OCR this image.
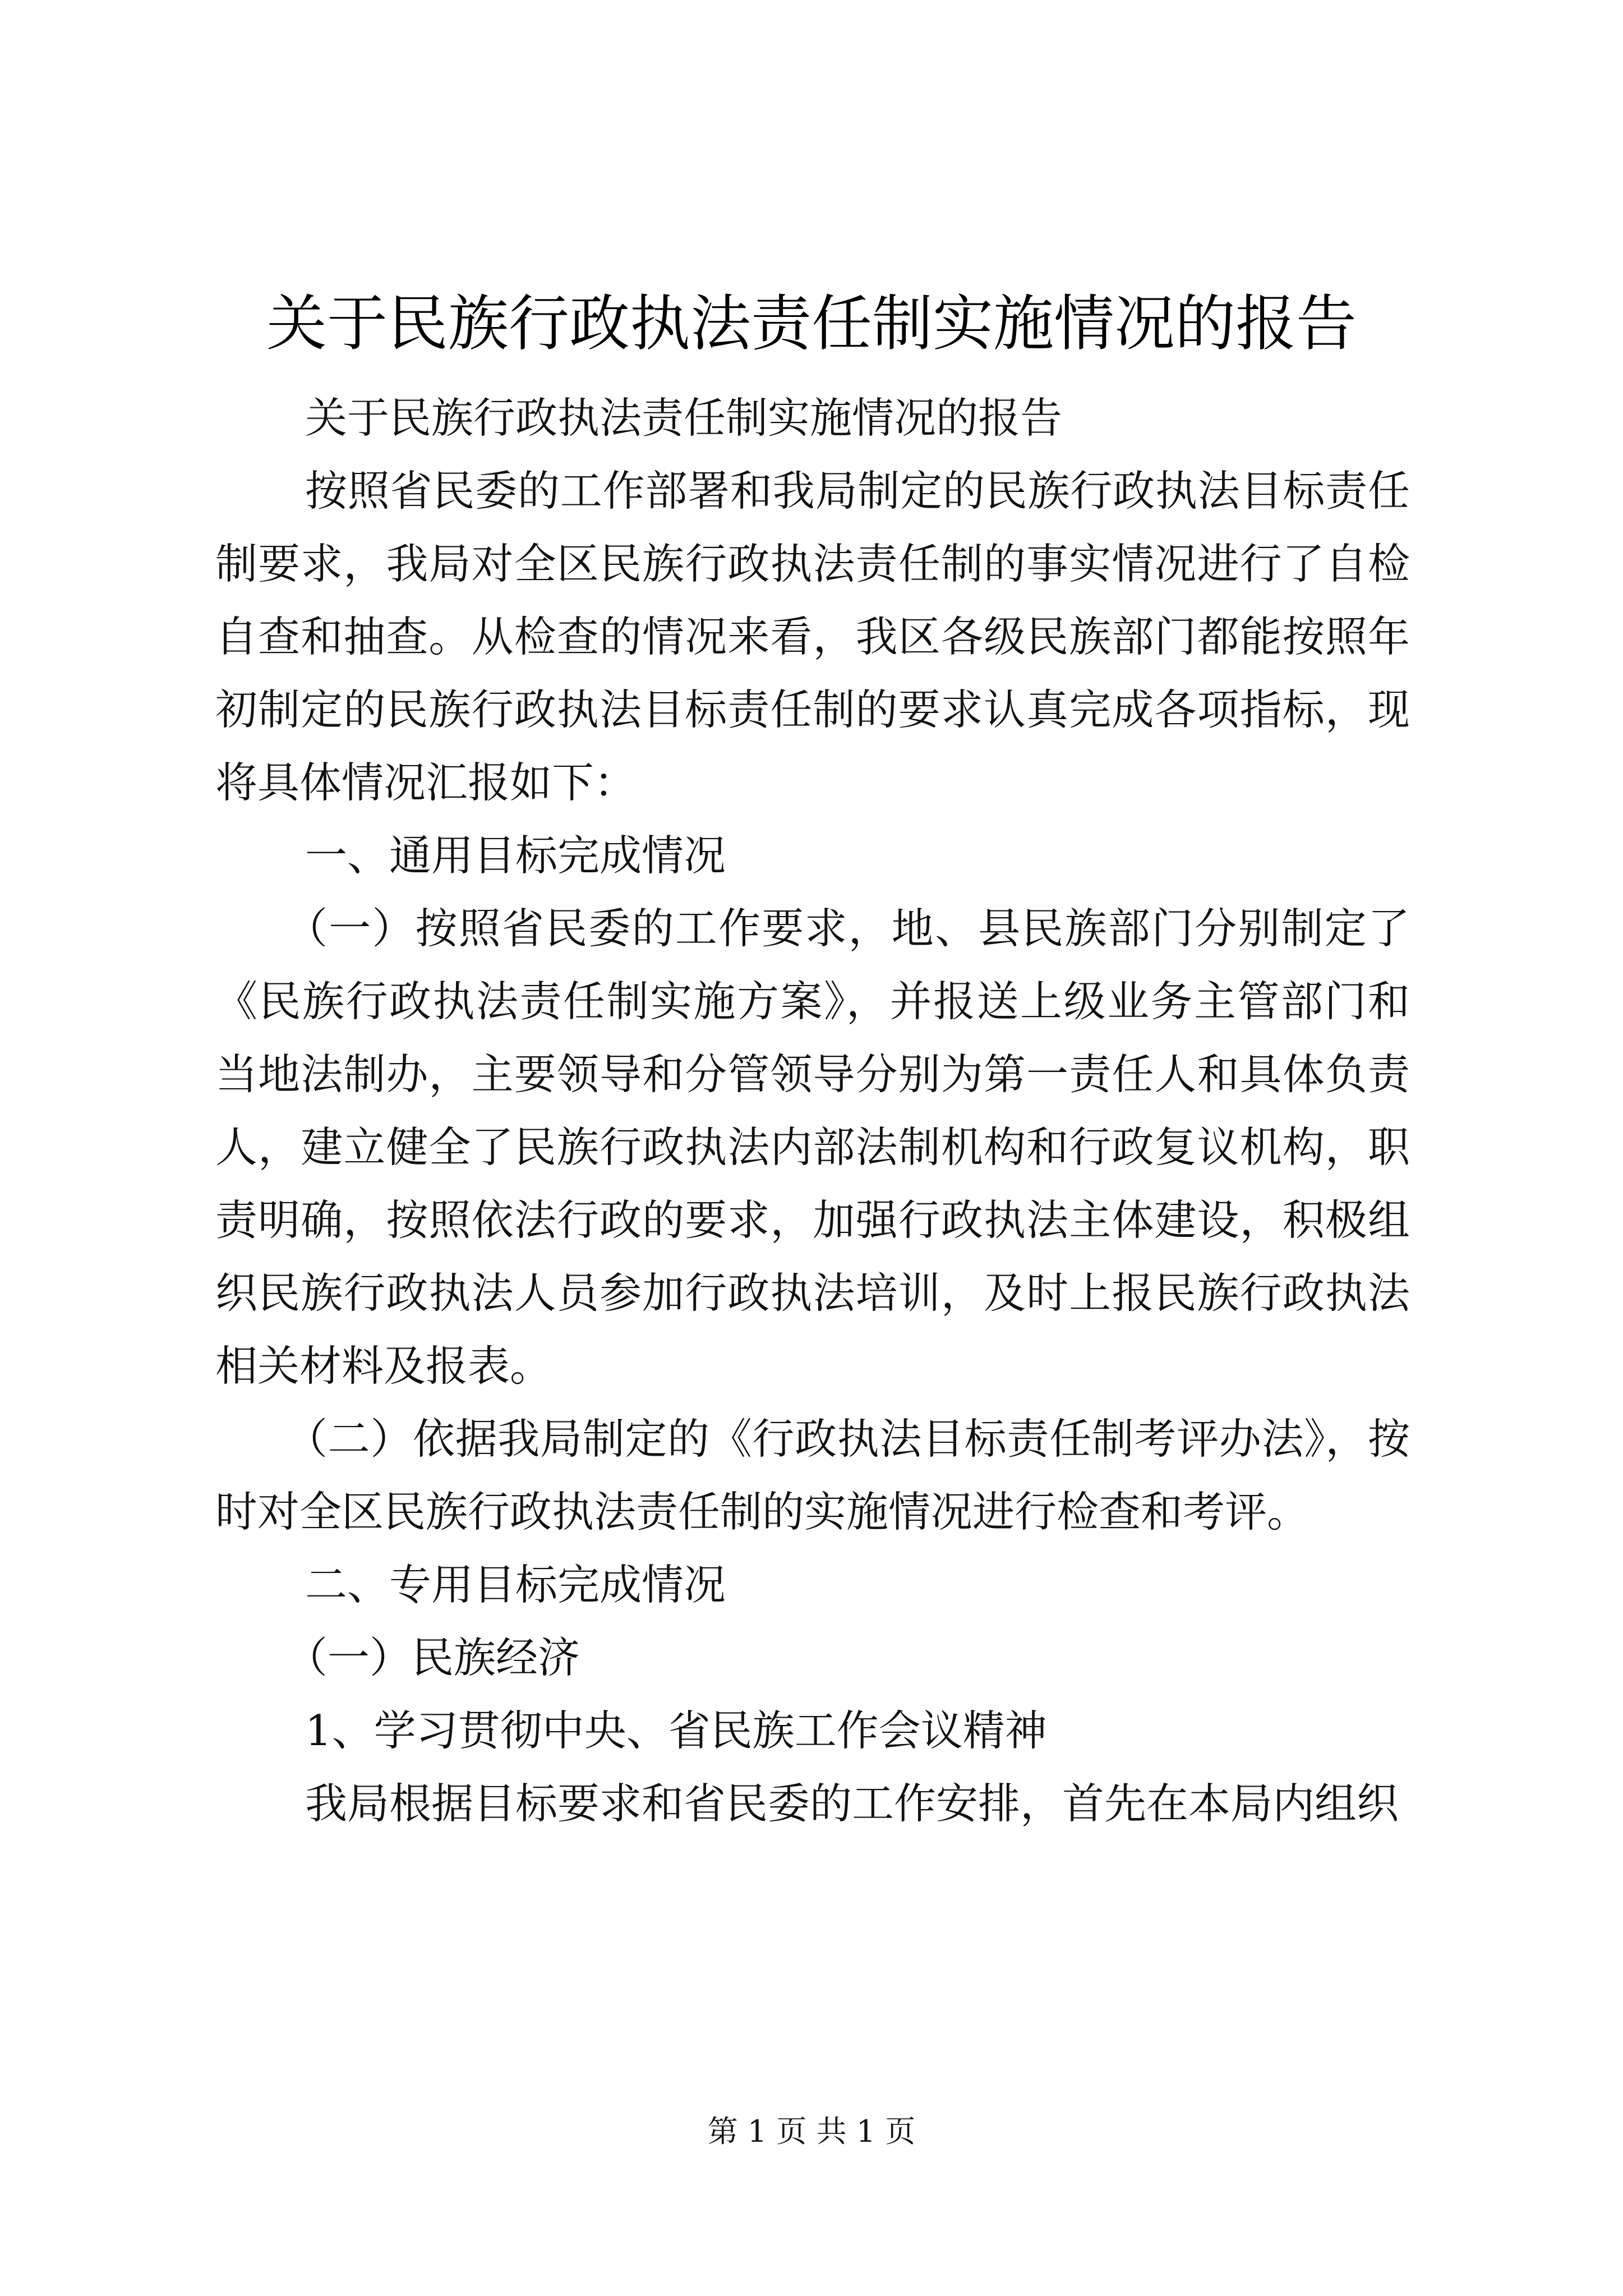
关于民族行政执法责任制实施情况的报告

关于民族行政执法责任制实施情况的报告

按照省民委的工作部署和我局制定的民族行政执法目标责任制要求，我局对全区民族行政执法责任制的事实情况进行了自检自查和抽查。从检查的情况来看，我区各级民族部门都能按照年初制定的民族行政执法目标责任制的要求认真完成各项指标，现将具体情况汇报如下：

一、通用目标完成情况

（一）按照省民委的工作要求，地、县民族部门分别制定了《民族行政执法责任制实施方案》，并报送上级业务主管部门和当地法制办，主要领导和分管领导分别为第一责任人和具体负责人，建立健全了民族行政执法内部法制机构和行政复议机构，职责明确，按照依法行政的要求，加强行政执法主体建设，积极组织民族行政执法人员参加行政执法培训，及时上报民族行政执法相关材料及报表。

（二）依据我局制定的《行政执法目标责任制考评办法》，按时对全区民族行政执法责任制的实施情况进行检查和考评。

二、专用目标完成情况

（一）民族经济

1、学习贯彻中央、省民族工作会议精神

我局根据目标要求和省民委的工作安排，首先在本局内组织

第 1 页 共 1 页
